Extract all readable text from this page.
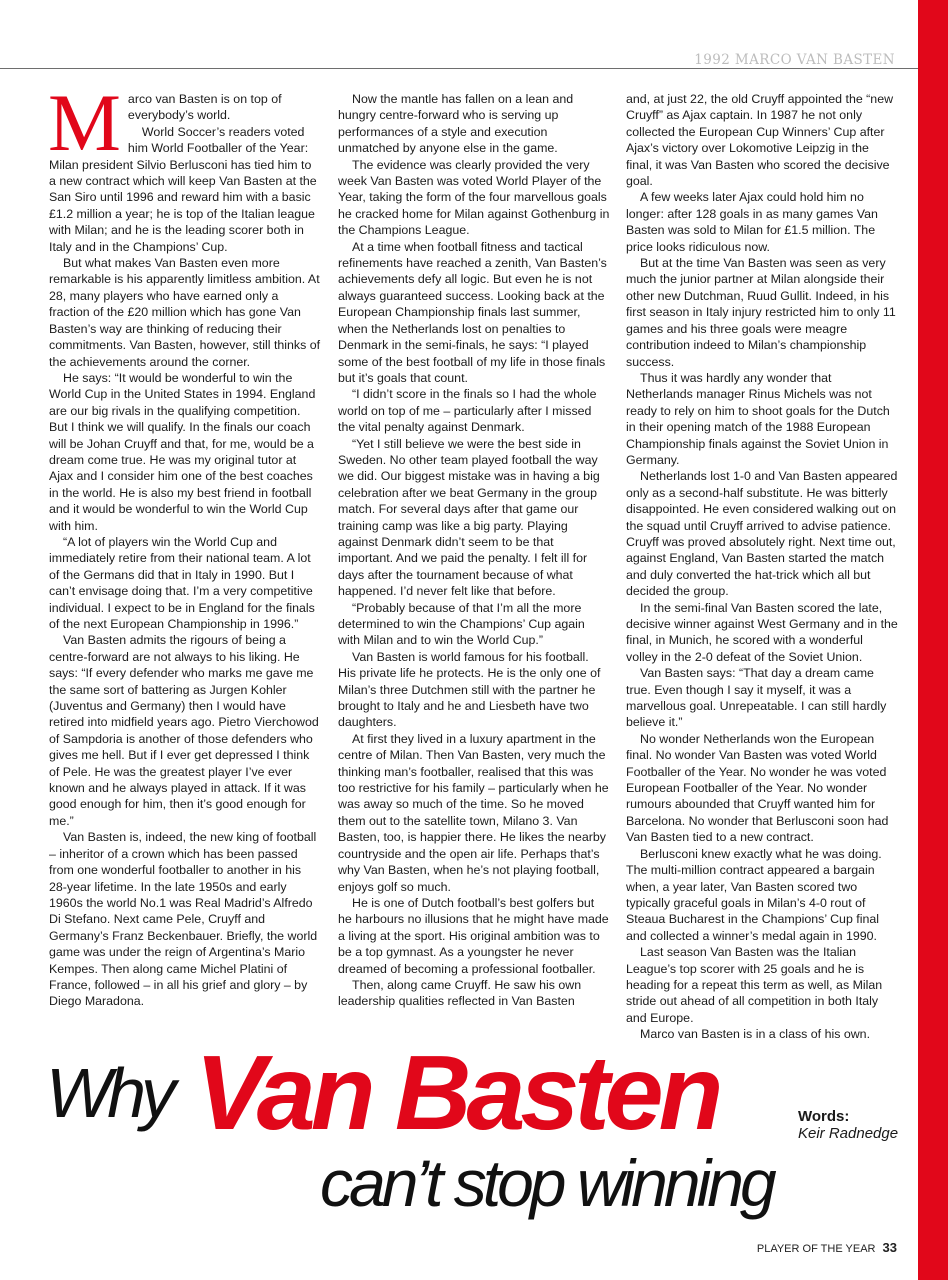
1992 MARCO VAN BASTEN
M arco van Basten is on top of everybody’s world.

World Soccer’s readers voted him World Footballer of the Year: Milan president Silvio Berlusconi has tied him to a new contract which will keep Van Basten at the San Siro until 1996 and reward him with a basic £1.2 million a year; he is top of the Italian league with Milan; and he is the leading scorer both in Italy and in the Champions’ Cup.

But what makes Van Basten even more remarkable is his apparently limitless ambition. At 28, many players who have earned only a fraction of the £20 million which has gone Van Basten’s way are thinking of reducing their commitments. Van Basten, however, still thinks of the achievements around the corner.

He says: “It would be wonderful to win the World Cup in the United States in 1994. England are our big rivals in the qualifying competition. But I think we will qualify. In the finals our coach will be Johan Cruyff and that, for me, would be a dream come true. He was my original tutor at Ajax and I consider him one of the best coaches in the world. He is also my best friend in football and it would be wonderful to win the World Cup with him.

“A lot of players win the World Cup and immediately retire from their national team. A lot of the Germans did that in Italy in 1990. But I can’t envisage doing that. I’m a very competitive individual. I expect to be in England for the finals of the next European Championship in 1996.”

Van Basten admits the rigours of being a centre-forward are not always to his liking. He says: “If every defender who marks me gave me the same sort of battering as Jurgen Kohler (Juventus and Germany) then I would have retired into midfield years ago. Pietro Vierchowod of Sampdoria is another of those defenders who gives me hell. But if I ever get depressed I think of Pele. He was the greatest player I’ve ever known and he always played in attack. If it was good enough for him, then it’s good enough for me.”

Van Basten is, indeed, the new king of football – inheritor of a crown which has been passed from one wonderful footballer to another in his 28-year lifetime. In the late 1950s and early 1960s the world No.1 was Real Madrid’s Alfredo Di Stefano. Next came Pele, Cruyff and Germany’s Franz Beckenbauer. Briefly, the world game was under the reign of Argentina’s Mario Kempes. Then along came Michel Platini of France, followed – in all his grief and glory – by Diego Maradona.

Now the mantle has fallen on a lean and hungry centre-forward who is serving up performances of a style and execution unmatched by anyone else in the game.

The evidence was clearly provided the very week Van Basten was voted World Player of the Year, taking the form of the four marvellous goals he cracked home for Milan against Gothenburg in the Champions League.

At a time when football fitness and tactical refinements have reached a zenith, Van Basten’s achievements defy all logic. But even he is not always guaranteed success. Looking back at the European Championship finals last summer, when the Netherlands lost on penalties to Denmark in the semi-finals, he says: “I played some of the best football of my life in those finals but it’s goals that count.

“I didn’t score in the finals so I had the whole world on top of me – particularly after I missed the vital penalty against Denmark.

“Yet I still believe we were the best side in Sweden. No other team played football the way we did. Our biggest mistake was in having a big celebration after we beat Germany in the group match. For several days after that game our training camp was like a big party. Playing against Denmark didn’t seem to be that important. And we paid the penalty. I felt ill for days after the tournament because of what happened. I’d never felt like that before.

“Probably because of that I’m all the more determined to win the Champions’ Cup again with Milan and to win the World Cup.”

Van Basten is world famous for his football. His private life he protects. He is the only one of Milan’s three Dutchmen still with the partner he brought to Italy and he and Liesbeth have two daughters.

At first they lived in a luxury apartment in the centre of Milan. Then Van Basten, very much the thinking man’s footballer, realised that this was too restrictive for his family – particularly when he was away so much of the time. So he moved them out to the satellite town, Milano 3. Van Basten, too, is happier there. He likes the nearby countryside and the open air life. Perhaps that’s why Van Basten, when he’s not playing football, enjoys golf so much.

He is one of Dutch football’s best golfers but he harbours no illusions that he might have made a living at the sport. His original ambition was to be a top gymnast. As a youngster he never dreamed of becoming a professional footballer.

Then, along came Cruyff. He saw his own leadership qualities reflected in Van Basten

and, at just 22, the old Cruyff appointed the “new Cruyff” as Ajax captain. In 1987 he not only collected the European Cup Winners’ Cup after Ajax’s victory over Lokomotive Leipzig in the final, it was Van Basten who scored the decisive goal.

A few weeks later Ajax could hold him no longer: after 128 goals in as many games Van Basten was sold to Milan for £1.5 million. The price looks ridiculous now.

But at the time Van Basten was seen as very much the junior partner at Milan alongside their other new Dutchman, Ruud Gullit. Indeed, in his first season in Italy injury restricted him to only 11 games and his three goals were meagre contribution indeed to Milan’s championship success.

Thus it was hardly any wonder that Netherlands manager Rinus Michels was not ready to rely on him to shoot goals for the Dutch in their opening match of the 1988 European Championship finals against the Soviet Union in Germany.

Netherlands lost 1-0 and Van Basten appeared only as a second-half substitute. He was bitterly disappointed. He even considered walking out on the squad until Cruyff arrived to advise patience. Cruyff was proved absolutely right. Next time out, against England, Van Basten started the match and duly converted the hat-trick which all but decided the group.

In the semi-final Van Basten scored the late, decisive winner against West Germany and in the final, in Munich, he scored with a wonderful volley in the 2-0 defeat of the Soviet Union.

Van Basten says: “That day a dream came true. Even though I say it myself, it was a marvellous goal. Unrepeatable. I can still hardly believe it.”

No wonder Netherlands won the European final. No wonder Van Basten was voted World Footballer of the Year. No wonder he was voted European Footballer of the Year. No wonder rumours abounded that Cruyff wanted him for Barcelona. No wonder that Berlusconi soon had Van Basten tied to a new contract.

Berlusconi knew exactly what he was doing. The multi-million contract appeared a bargain when, a year later, Van Basten scored two typically graceful goals in Milan’s 4-0 rout of Steaua Bucharest in the Champions’ Cup final and collected a winner’s medal again in 1990.

Last season Van Basten was the Italian League’s top scorer with 25 goals and he is heading for a repeat this term as well, as Milan stride out ahead of all competition in both Italy and Europe.

Marco van Basten is in a class of his own.

Why Van Basten
can’t stop winning
Words:
Keir Radnedge
PLAYER OF THE YEAR 33
